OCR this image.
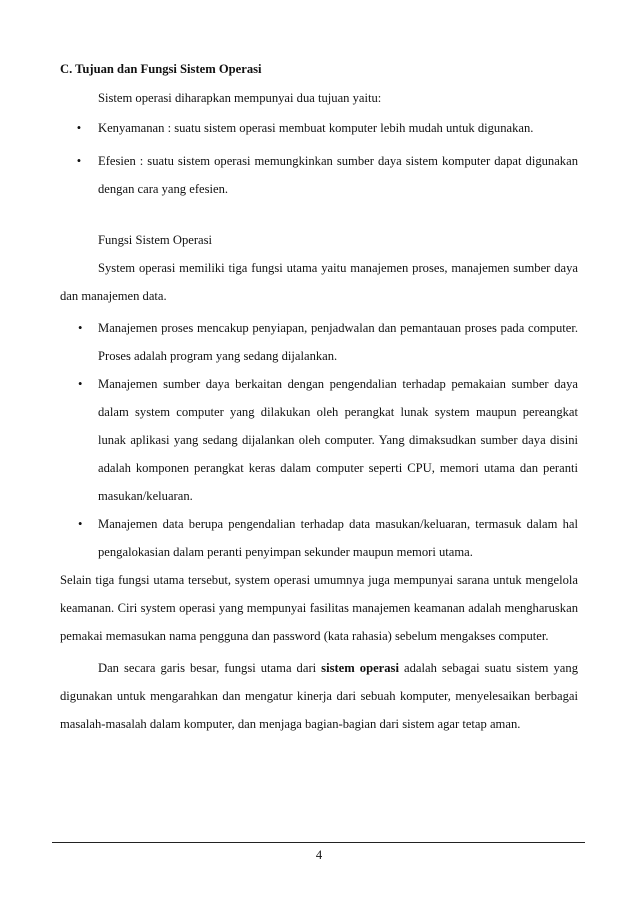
C. Tujuan dan Fungsi Sistem Operasi

Sistem operasi diharapkan mempunyai dua tujuan yaitu:

•	Kenyamanan : suatu sistem operasi membuat komputer lebih mudah untuk digunakan.
•	Efesien : suatu sistem operasi memungkinkan sumber daya sistem komputer dapat digunakan dengan cara yang efesien.

Fungsi Sistem Operasi

System operasi memiliki tiga fungsi utama yaitu manajemen proses, manajemen sumber daya dan manajemen data.

•	Manajemen proses mencakup penyiapan, penjadwalan dan pemantauan proses pada computer. Proses adalah program yang sedang dijalankan.
•	Manajemen sumber daya berkaitan dengan pengendalian terhadap pemakaian sumber daya dalam system computer yang dilakukan oleh perangkat lunak system maupun pereangkat lunak aplikasi yang sedang dijalankan oleh computer. Yang dimaksudkan sumber daya disini adalah komponen perangkat keras dalam computer seperti CPU, memori utama dan peranti masukan/keluaran.
•	Manajemen data berupa pengendalian terhadap data masukan/keluaran, termasuk dalam hal pengalokasian dalam peranti penyimpan sekunder maupun memori utama.

Selain tiga fungsi utama tersebut, system operasi umumnya juga mempunyai sarana untuk mengelola keamanan. Ciri system operasi yang mempunyai fasilitas manajemen keamanan adalah mengharuskan pemakai memasukan nama pengguna dan password (kata rahasia) sebelum mengakses computer.

Dan secara garis besar, fungsi utama dari sistem operasi adalah sebagai suatu sistem yang digunakan untuk mengarahkan dan mengatur kinerja dari sebuah komputer, menyelesaikan berbagai masalah-masalah dalam komputer, dan menjaga bagian-bagian dari sistem agar tetap aman.

4
